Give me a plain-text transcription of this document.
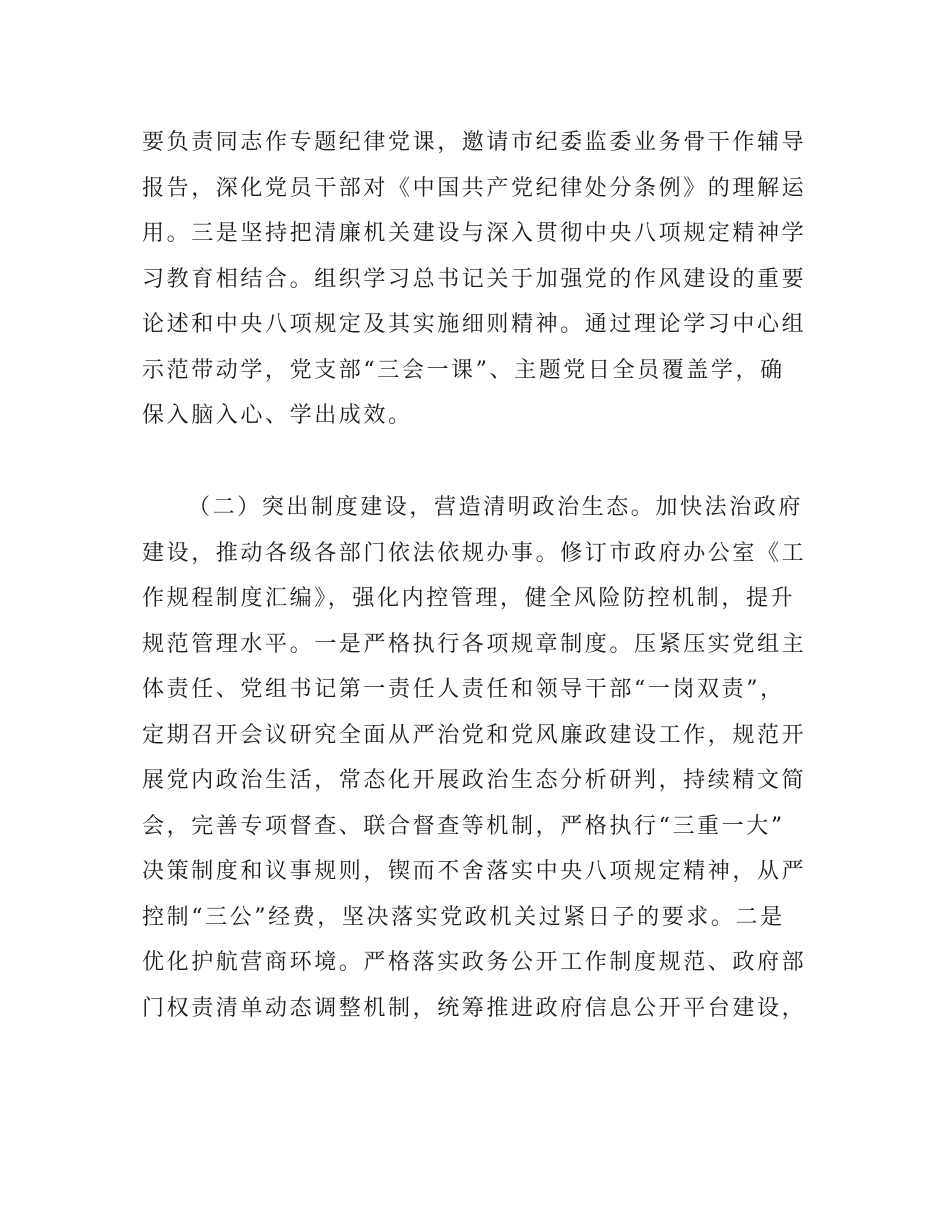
要负责同志作专题纪律党课，邀请市纪委监委业务骨干作辅导
报告，深化党员干部对《中国共产党纪律处分条例》的理解运
用。三是坚持把清廉机关建设与深入贯彻中央八项规定精神学
习教育相结合。组织学习总书记关于加强党的作风建设的重要
论述和中央八项规定及其实施细则精神。通过理论学习中心组
示范带动学，党支部“三会一课”、主题党日全员覆盖学，确
保入脑入心、学出成效。
（二）突出制度建设，营造清明政治生态。加快法治政府
建设，推动各级各部门依法依规办事。修订市政府办公室《工
作规程制度汇编》，强化内控管理，健全风险防控机制，提升
规范管理水平。一是严格执行各项规章制度。压紧压实党组主
体责任、党组书记第一责任人责任和领导干部“一岗双责”，
定期召开会议研究全面从严治党和党风廉政建设工作，规范开
展党内政治生活，常态化开展政治生态分析研判，持续精文简
会，完善专项督查、联合督查等机制，严格执行“三重一大”
决策制度和议事规则，锲而不舍落实中央八项规定精神，从严
控制“三公”经费，坚决落实党政机关过紧日子的要求。二是
优化护航营商环境。严格落实政务公开工作制度规范、政府部
门权责清单动态调整机制，统筹推进政府信息公开平台建设，
